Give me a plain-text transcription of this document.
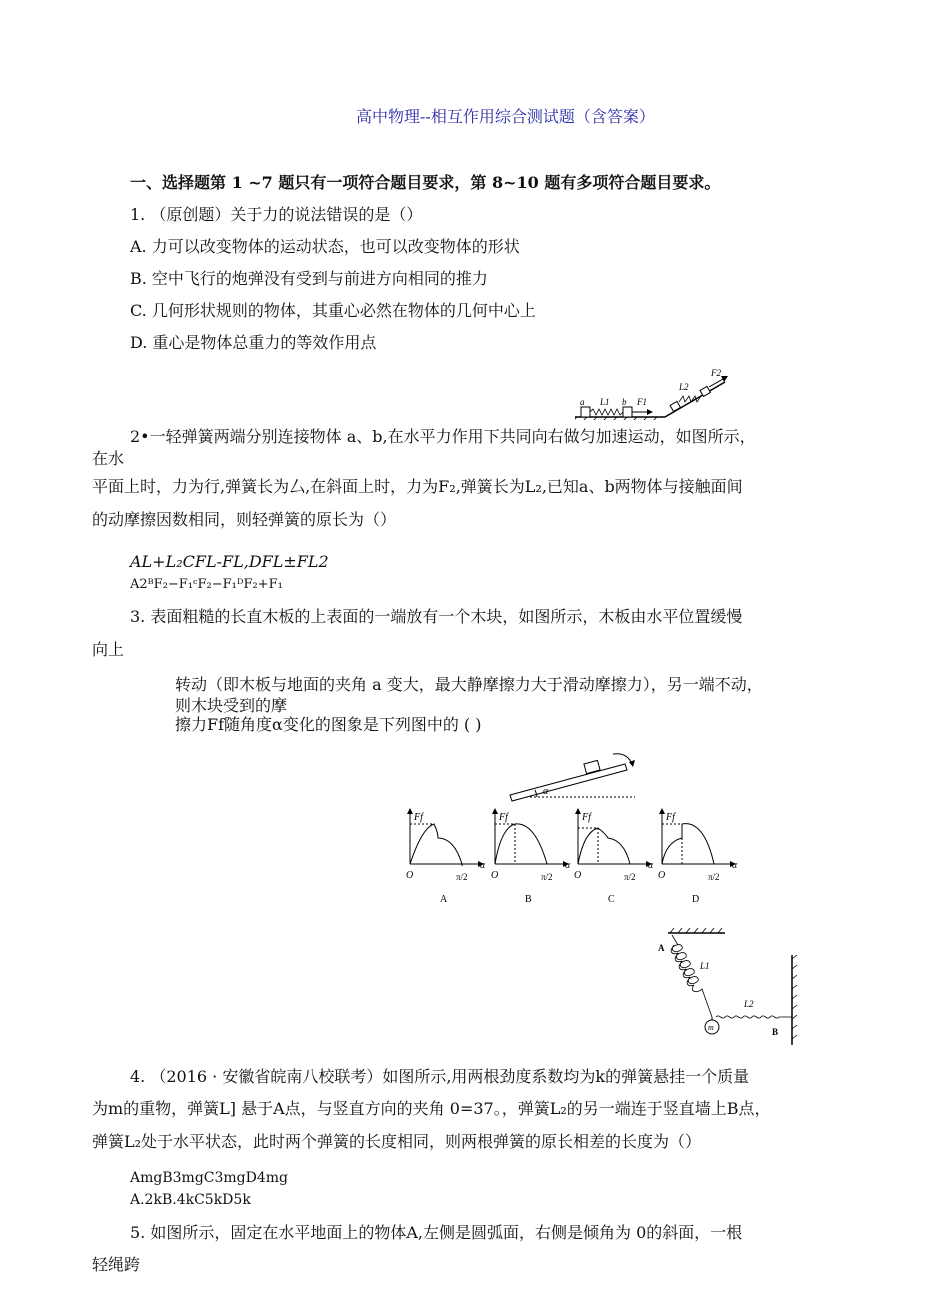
高中物理--相互作用综合测试题（含答案）
一、选择题第 1 ~7 题只有一项符合题目要求，第 8~10 题有多项符合题目要求。
1. （原创题）关于力的说法错误的是（）
A. 力可以改变物体的运动状态，也可以改变物体的形状
B. 空中飞行的炮弹没有受到与前进方向相同的推力
C. 几何形状规则的物体，其重心必然在物体的几何中心上
D. 重心是物体总重力的等效作用点
a L1 b F1
L2
F2
2•一轻弹簧两端分别连接物体 a、b,在水平力作用下共同向右做匀加速运动，如图所示，
在水
平面上时，力为行,弹簧长为厶,在斜面上时，力为F₂,弹簧长为L₂,已知a、b两物体与接触面间
的动摩擦因数相同，则轻弹簧的原长为（）
AL+L₂CFL-FL,DFL±FL2
A2ᴮF₂−F₁ᶜF₂−F₁ᴰF₂+F₁
3. 表面粗糙的长直木板的上表面的一端放有一个木块，如图所示，木板由水平位置缓慢
向上
转动（即木板与地面的夹角 a 变大，最大静摩擦力大于滑动摩擦力），另一端不动，
则木块受到的摩
擦力Ff随角度α变化的图象是下列图中的 ( )
α
Ff
α
O	π/2
A
Ff
α
O	π/2
B
Ff
α
O	π/2
C
Ff
α
O	π/2
D
A
L1
L2
m	B
4. （2016 · 安徽省皖南八校联考）如图所示,用两根劲度系数均为k的弹簧悬挂一个质量
为m的重物，弹簧L] 悬于A点，与竖直方向的夹角 0=37。，弹簧L₂的另一端连于竖直墙上B点，
弹簧L₂处于水平状态，此时两个弹簧的长度相同，则两根弹簧的原长相差的长度为（）
AmgB3mgC3mgD4mg
A.2kB.4kC5kD5k
5. 如图所示，固定在水平地面上的物体A,左侧是圆弧面，右侧是倾角为 0的斜面，一根
轻绳跨
